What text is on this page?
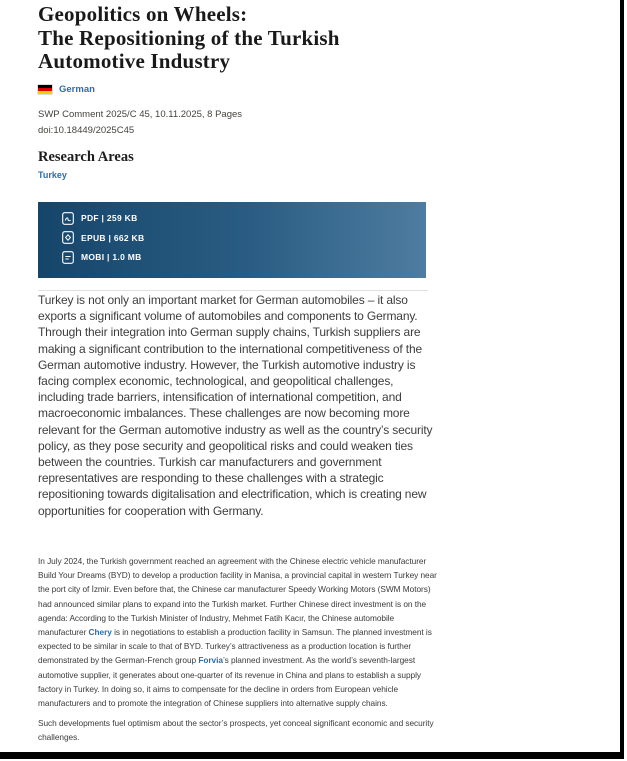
Geopolitics on Wheels:
The Repositioning of the Turkish
Automotive Industry
German
SWP Comment 2025/C 45, 10.11.2025, 8 Pages
doi:10.18449/2025C45
Research Areas
Turkey
PDF | 259 KB
EPUB | 662 KB
MOBI | 1.0 MB
Turkey is not only an important market for German automobiles – it also exports a significant volume of automobiles and components to Germany. Through their integration into German supply chains, Turkish suppliers are making a significant contribution to the international competitiveness of the German automotive industry. However, the Turkish automotive industry is facing complex economic, technological, and geopolitical challenges, including trade barriers, intensification of international competition, and macroeconomic imbalances. These challenges are now becoming more relevant for the German automotive industry as well as the country’s security policy, as they pose security and geopolitical risks and could weaken ties between the countries. Turkish car manufacturers and government representatives are responding to these challenges with a strategic repositioning towards digitalisation and electrification, which is creating new opportunities for cooperation with Germany.

In July 2024, the Turkish government reached an agreement with the Chinese electric vehicle manufacturer Build Your Dreams (BYD) to develop a production facility in Manisa, a provincial capital in western Turkey near the port city of İzmir. Even before that, the Chinese car manufacturer Speedy Working Motors (SWM Motors) had announced similar plans to expand into the Turkish market. Further Chinese direct investment is on the agenda: According to the Turkish Minister of Industry, Mehmet Fatih Kacır, the Chinese automobile manufacturer Chery is in negotiations to establish a production facility in Samsun. The planned investment is expected to be similar in scale to that of BYD. Turkey’s attractiveness as a production location is further demonstrated by the German-French group Forvia’s planned investment. As the world’s seventh-largest automotive supplier, it generates about one-quarter of its revenue in China and plans to establish a supply factory in Turkey. In doing so, it aims to compensate for the decline in orders from European vehicle manufacturers and to promote the integration of Chinese suppliers into alternative supply chains.

Such developments fuel optimism about the sector’s prospects, yet conceal significant economic and security challenges.
